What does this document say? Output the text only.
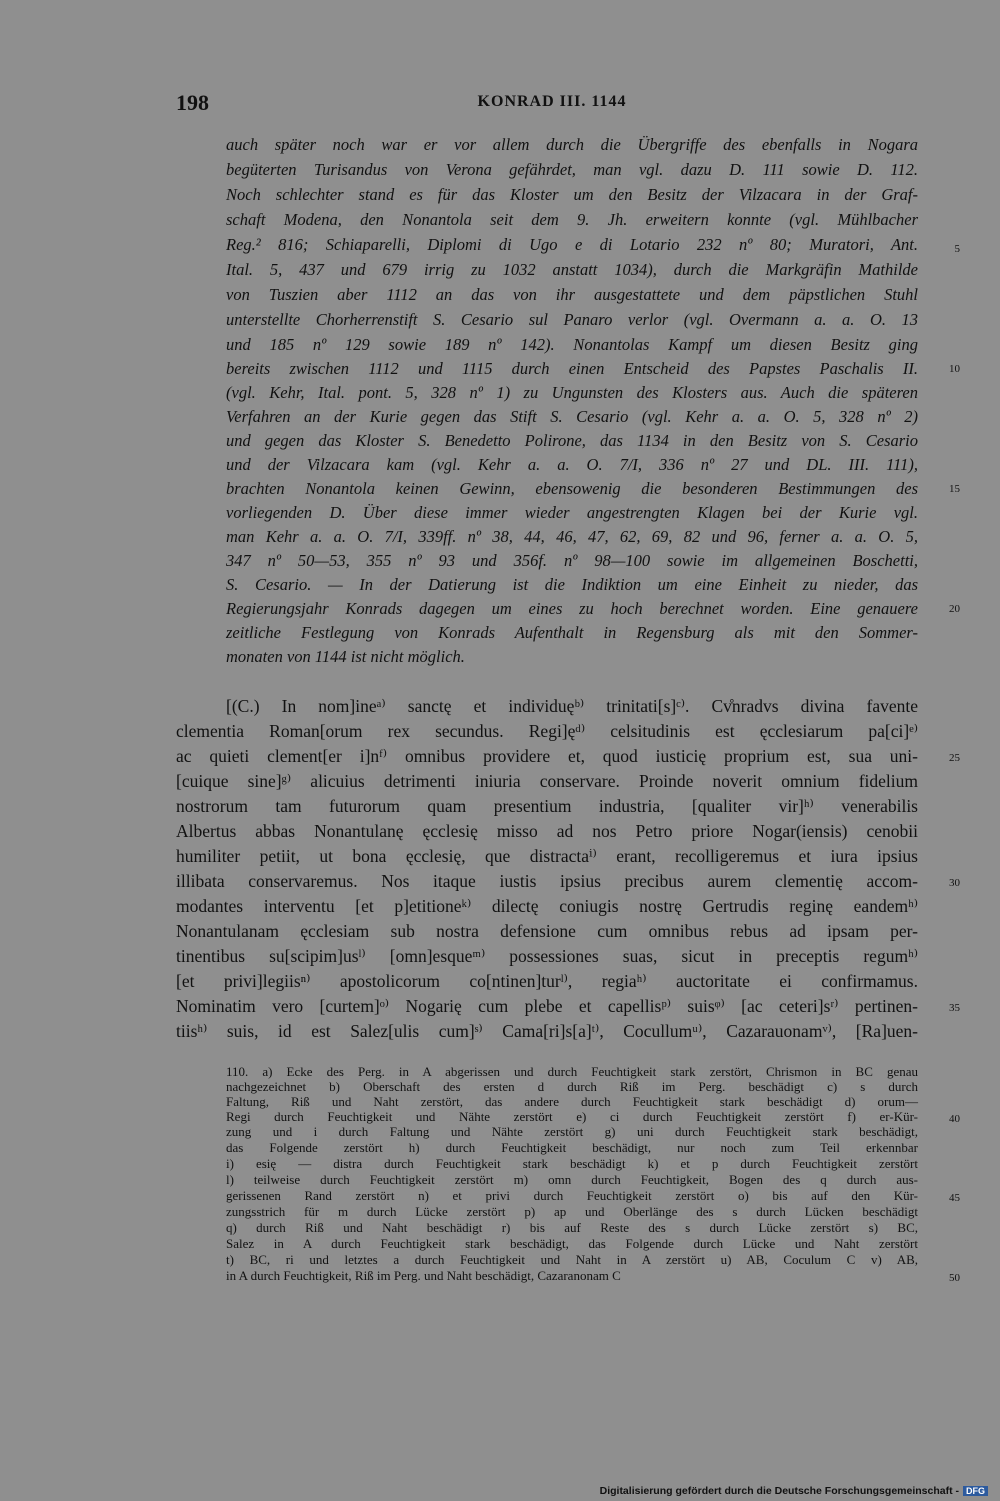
198	KONRAD III. 1144
auch später noch war er vor allem durch die Übergriffe des ebenfalls in Nogara
begüterten Turisandus von Verona gefährdet, man vgl. dazu D. 111 sowie D. 112.
Noch schlechter stand es für das Kloster um den Besitz der Vilzacara in der Graf-
schaft Modena, den Nonantola seit dem 9. Jh. erweitern konnte (vgl. Mühlbacher
Reg.² 816; Schiaparelli, Diplomi di Ugo e di Lotario 232 nº 80; Muratori, Ant.
Ital. 5, 437 und 679 irrig zu 1032 anstatt 1034), durch die Markgräfin Mathilde
von Tuszien aber 1112 an das von ihr ausgestattete und dem päpstlichen Stuhl
unterstellte Chorherrenstift S. Cesario sul Panaro verlor (vgl. Overmann a. a. O. 13
und 185 nº 129 sowie 189 nº 142). Nonantolas Kampf um diesen Besitz ging
bereits zwischen 1112 und 1115 durch einen Entscheid des Papstes Paschalis II.
(vgl. Kehr, Ital. pont. 5, 328 nº 1) zu Ungunsten des Klosters aus. Auch die späteren
Verfahren an der Kurie gegen das Stift S. Cesario (vgl. Kehr a. a. O. 5, 328 nº 2)
und gegen das Kloster S. Benedetto Polirone, das 1134 in den Besitz von S. Cesario
und der Vilzacara kam (vgl. Kehr a. a. O. 7/I, 336 nº 27 und DL. III. 111),
brachten Nonantola keinen Gewinn, ebensowenig die besonderen Bestimmungen des
vorliegenden D. Über diese immer wieder angestrengten Klagen bei der Kurie vgl.
man Kehr a. a. O. 7/I, 339ff. nº 38, 44, 46, 47, 62, 69, 82 und 96, ferner a. a. O. 5,
347 nº 50—53, 355 nº 93 und 356f. nº 98—100 sowie im allgemeinen Boschetti,
S. Cesario. — In der Datierung ist die Indiktion um eine Einheit zu nieder, das
Regierungsjahr Konrads dagegen um eines zu hoch berechnet worden. Eine genauere
zeitliche Festlegung von Konrads Aufenthalt in Regensburg als mit den Sommer-
monaten von 1144 ist nicht möglich.
[(C.) In nom]ineᵃ⁾ sanctę et individuęᵇ⁾ trinitati[s]ᶜ⁾. Cv̊nradvs divina favente
clementia Roman[orum rex secundus. Regi]ęᵈ⁾ celsitudinis est ęcclesiarum pa[ci]ᵉ⁾
ac quieti clement[er i]nᶠ⁾ omnibus providere et, quod iusticię proprium est, sua uni-
[cuique sine]ᵍ⁾ alicuius detrimenti iniuria conservare. Proinde noverit omnium fidelium
nostrorum tam futurorum quam presentium industria, [qualiter vir]ʰ⁾ venerabilis
Albertus abbas Nonantulanę ęcclesię misso ad nos Petro priore Nogar(iensis) cenobii
humiliter petiit, ut bona ęcclesię, que distractaⁱ⁾ erant, recolligeremus et iura ipsius
illibata conservaremus. Nos itaque iustis ipsius precibus aurem clementię accom-
modantes interventu [et p]etitioneᵏ⁾ dilectę coniugis nostrę Gertrudis reginę eandemʰ⁾
Nonantulanam ęcclesiam sub nostra defensione cum omnibus rebus ad ipsam per-
tinentibus su[scipim]usˡ⁾ [omn]esqueᵐ⁾ possessiones suas, sicut in preceptis regumʰ⁾
[et privi]legiisⁿ⁾ apostolicorum co[ntinen]turˡ⁾, regiaʰ⁾ auctoritate ei confirmamus.
Nominatim vero [curtem]ᵒ⁾ Nogarię cum plebe et capellisᵖ⁾ suisᵠ⁾ [ac ceteri]sʳ⁾ pertinen-
tiisʰ⁾ suis, id est Salez[ulis cum]ˢ⁾ Cama[ri]s[a]ᵗ⁾, Cocullumᵘ⁾, Cazarauonamᵛ⁾, [Ra]uen-
110. a) Ecke des Perg. in A abgerissen und durch Feuchtigkeit stark zerstört, Chrismon in BC genau
nachgezeichnet b) Oberschaft des ersten d durch Riß im Perg. beschädigt c) s durch
Faltung, Riß und Naht zerstört, das andere durch Feuchtigkeit stark beschädigt d) orum—
Regi durch Feuchtigkeit und Nähte zerstört e) ci durch Feuchtigkeit zerstört f) er-Kür-
zung und i durch Faltung und Nähte zerstört g) uni durch Feuchtigkeit stark beschädigt,
das Folgende zerstört h) durch Feuchtigkeit beschädigt, nur noch zum Teil erkennbar
i) esię — distra durch Feuchtigkeit stark beschädigt k) et p durch Feuchtigkeit zerstört
l) teilweise durch Feuchtigkeit zerstört m) omn durch Feuchtigkeit, Bogen des q durch aus-
gerissenen Rand zerstört n) et privi durch Feuchtigkeit zerstört o) bis auf den Kür-
zungsstrich für m durch Lücke zerstört p) ap und Oberlänge des s durch Lücken beschädigt
q) durch Riß und Naht beschädigt r) bis auf Reste des s durch Lücke zerstört s) BC,
Salez in A durch Feuchtigkeit stark beschädigt, das Folgende durch Lücke und Naht zerstört
t) BC, ri und letztes a durch Feuchtigkeit und Naht in A zerstört u) AB, Coculum C v) AB,
in A durch Feuchtigkeit, Riß im Perg. und Naht beschädigt, Cazaranonam C
5
10
15
20
25
30
35
40
45
50
Digitalisierung gefördert durch die Deutsche Forschungsgemeinschaft - DFG
